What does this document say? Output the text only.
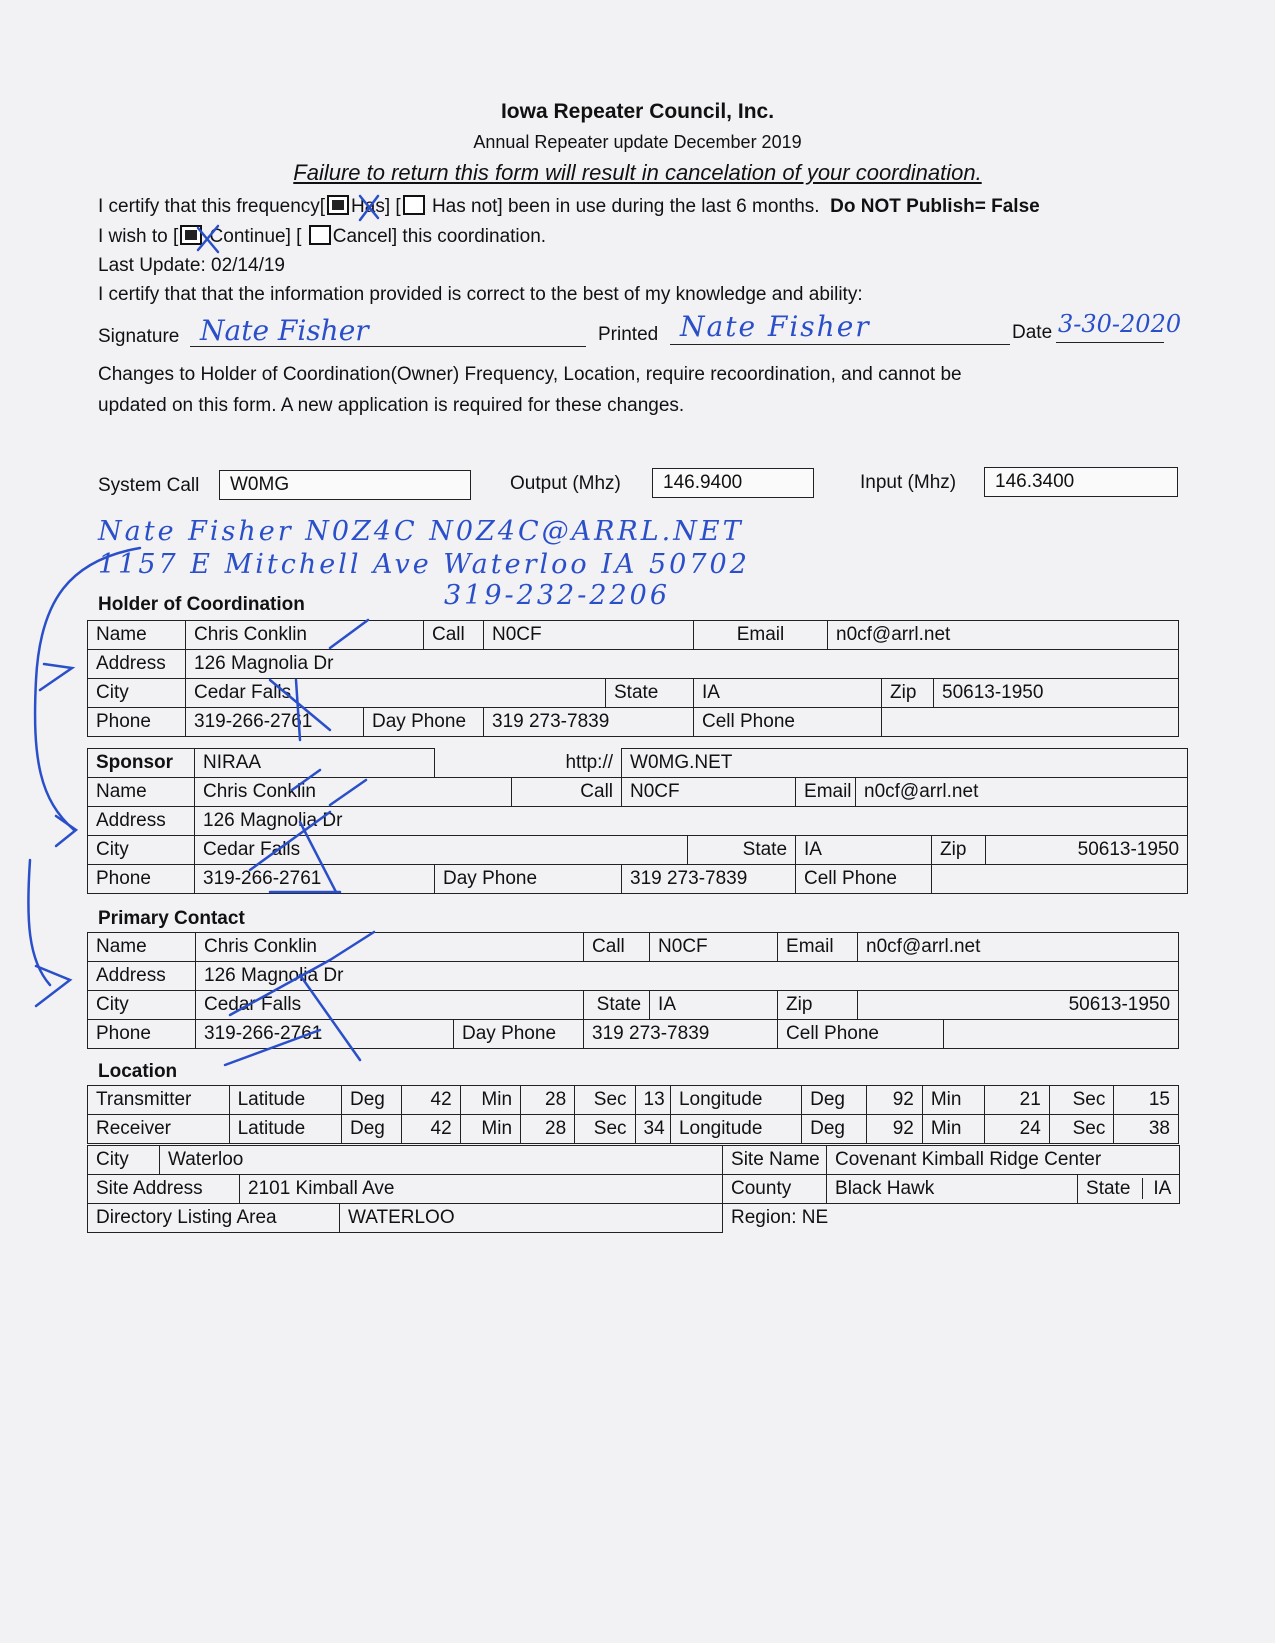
Iowa Repeater Council, Inc.
Annual Repeater update December 2019
Failure to return this form will result in cancelation of your coordination.
I certify that this frequency[ Has] [ Has not] been in use during the last 6 months. Do NOT Publish= False
I wish to [ Continue] [ Cancel] this coordination.
Last Update: 02/14/19
I certify that that the information provided is correct to the best of my knowledge and ability:
Signature Nate Fisher	Printed Nate Fisher	Date 3-30-2020
Changes to Holder of Coordination(Owner) Frequency, Location, require recoordination, and cannot be
updated on this form. A new application is required for these changes.
System Call	W0MG	Output (Mhz)	146.9400	Input (Mhz)	146.3400
Nate Fisher N0Z4C N0Z4C@ARRL.NET
1157 E Mitchell Ave Waterloo IA 50702
319-232-2206
Holder of Coordination
Name	Chris Conklin		Call	N0CF		Email	n0cf@arrl.net		
Address	126 Magnolia Dr								
City	Cedar Falls				State	IA		Zip	50613-1950
Phone	319-266-2761	Day Phone		319 273-7839		Cell Phone			
Sponsor	NIRAA	http://		W0MG.NET					
Name	Chris Conklin		Call	N0CF		Email	n0cf@arrl.net		
Address	126 Magnolia Dr								
City	Cedar Falls				State	IA		Zip	50613-1950
Phone	319-266-2761	Day Phone		319 273-7839		Cell Phone			
Primary Contact
Name	Chris Conklin		Call	N0CF	Email	n0cf@arrl.net	
Address	126 Magnolia Dr						
City	Cedar Falls		State	IA	Zip	50613-1950	
Phone	319-266-2761	Day Phone	319 273-7839		Cell Phone		
Location
Transmitter	Latitude	Deg	42	Min	28	Sec	13	Longitude	Deg	92	Min	21	Sec	15
Receiver	Latitude	Deg	42	Min	28	Sec	34	Longitude	Deg	92	Min	24	Sec	38
City	Waterloo			Site Name	Covenant Kimball Ridge Center	
Site Address		2101 Kimball Ave		County	Black Hawk	State IA
Directory Listing Area			WATERLOO	Region: NE		
